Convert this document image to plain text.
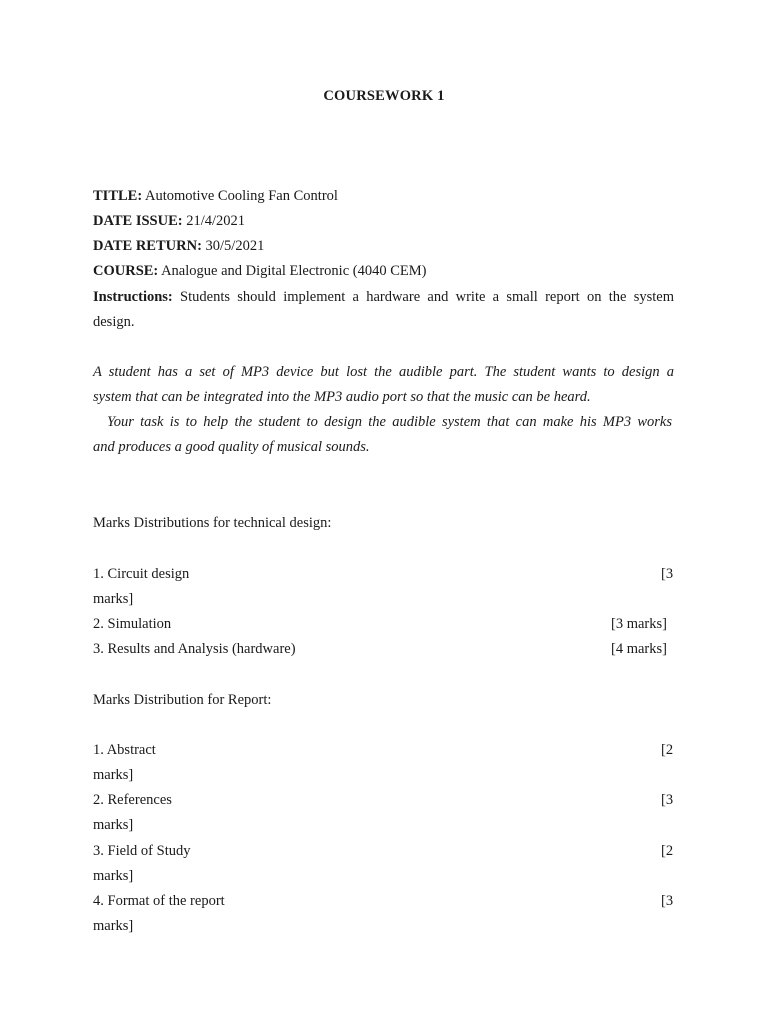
COURSEWORK 1
TITLE: Automotive Cooling Fan Control
DATE ISSUE: 21/4/2021
DATE RETURN: 30/5/2021
COURSE: Analogue and Digital Electronic (4040 CEM)
Instructions: Students should implement a hardware and write a small report on the system
design.
A student has a set of MP3 device but lost the audible part. The student wants to design a
system that can be integrated into the MP3 audio port so that the music can be heard.
Your task is to help the student to design the audible system that can make his MP3 works
and produces a good quality of musical sounds.
Marks Distributions for technical design:
1. Circuit design	[3
marks]
2. Simulation	[3 marks]
3. Results and Analysis (hardware)	[4 marks]
Marks Distribution for Report:
1. Abstract	[2
marks]
2. References	[3
marks]
3. Field of Study	[2
marks]
4. Format of the report	[3
marks]
